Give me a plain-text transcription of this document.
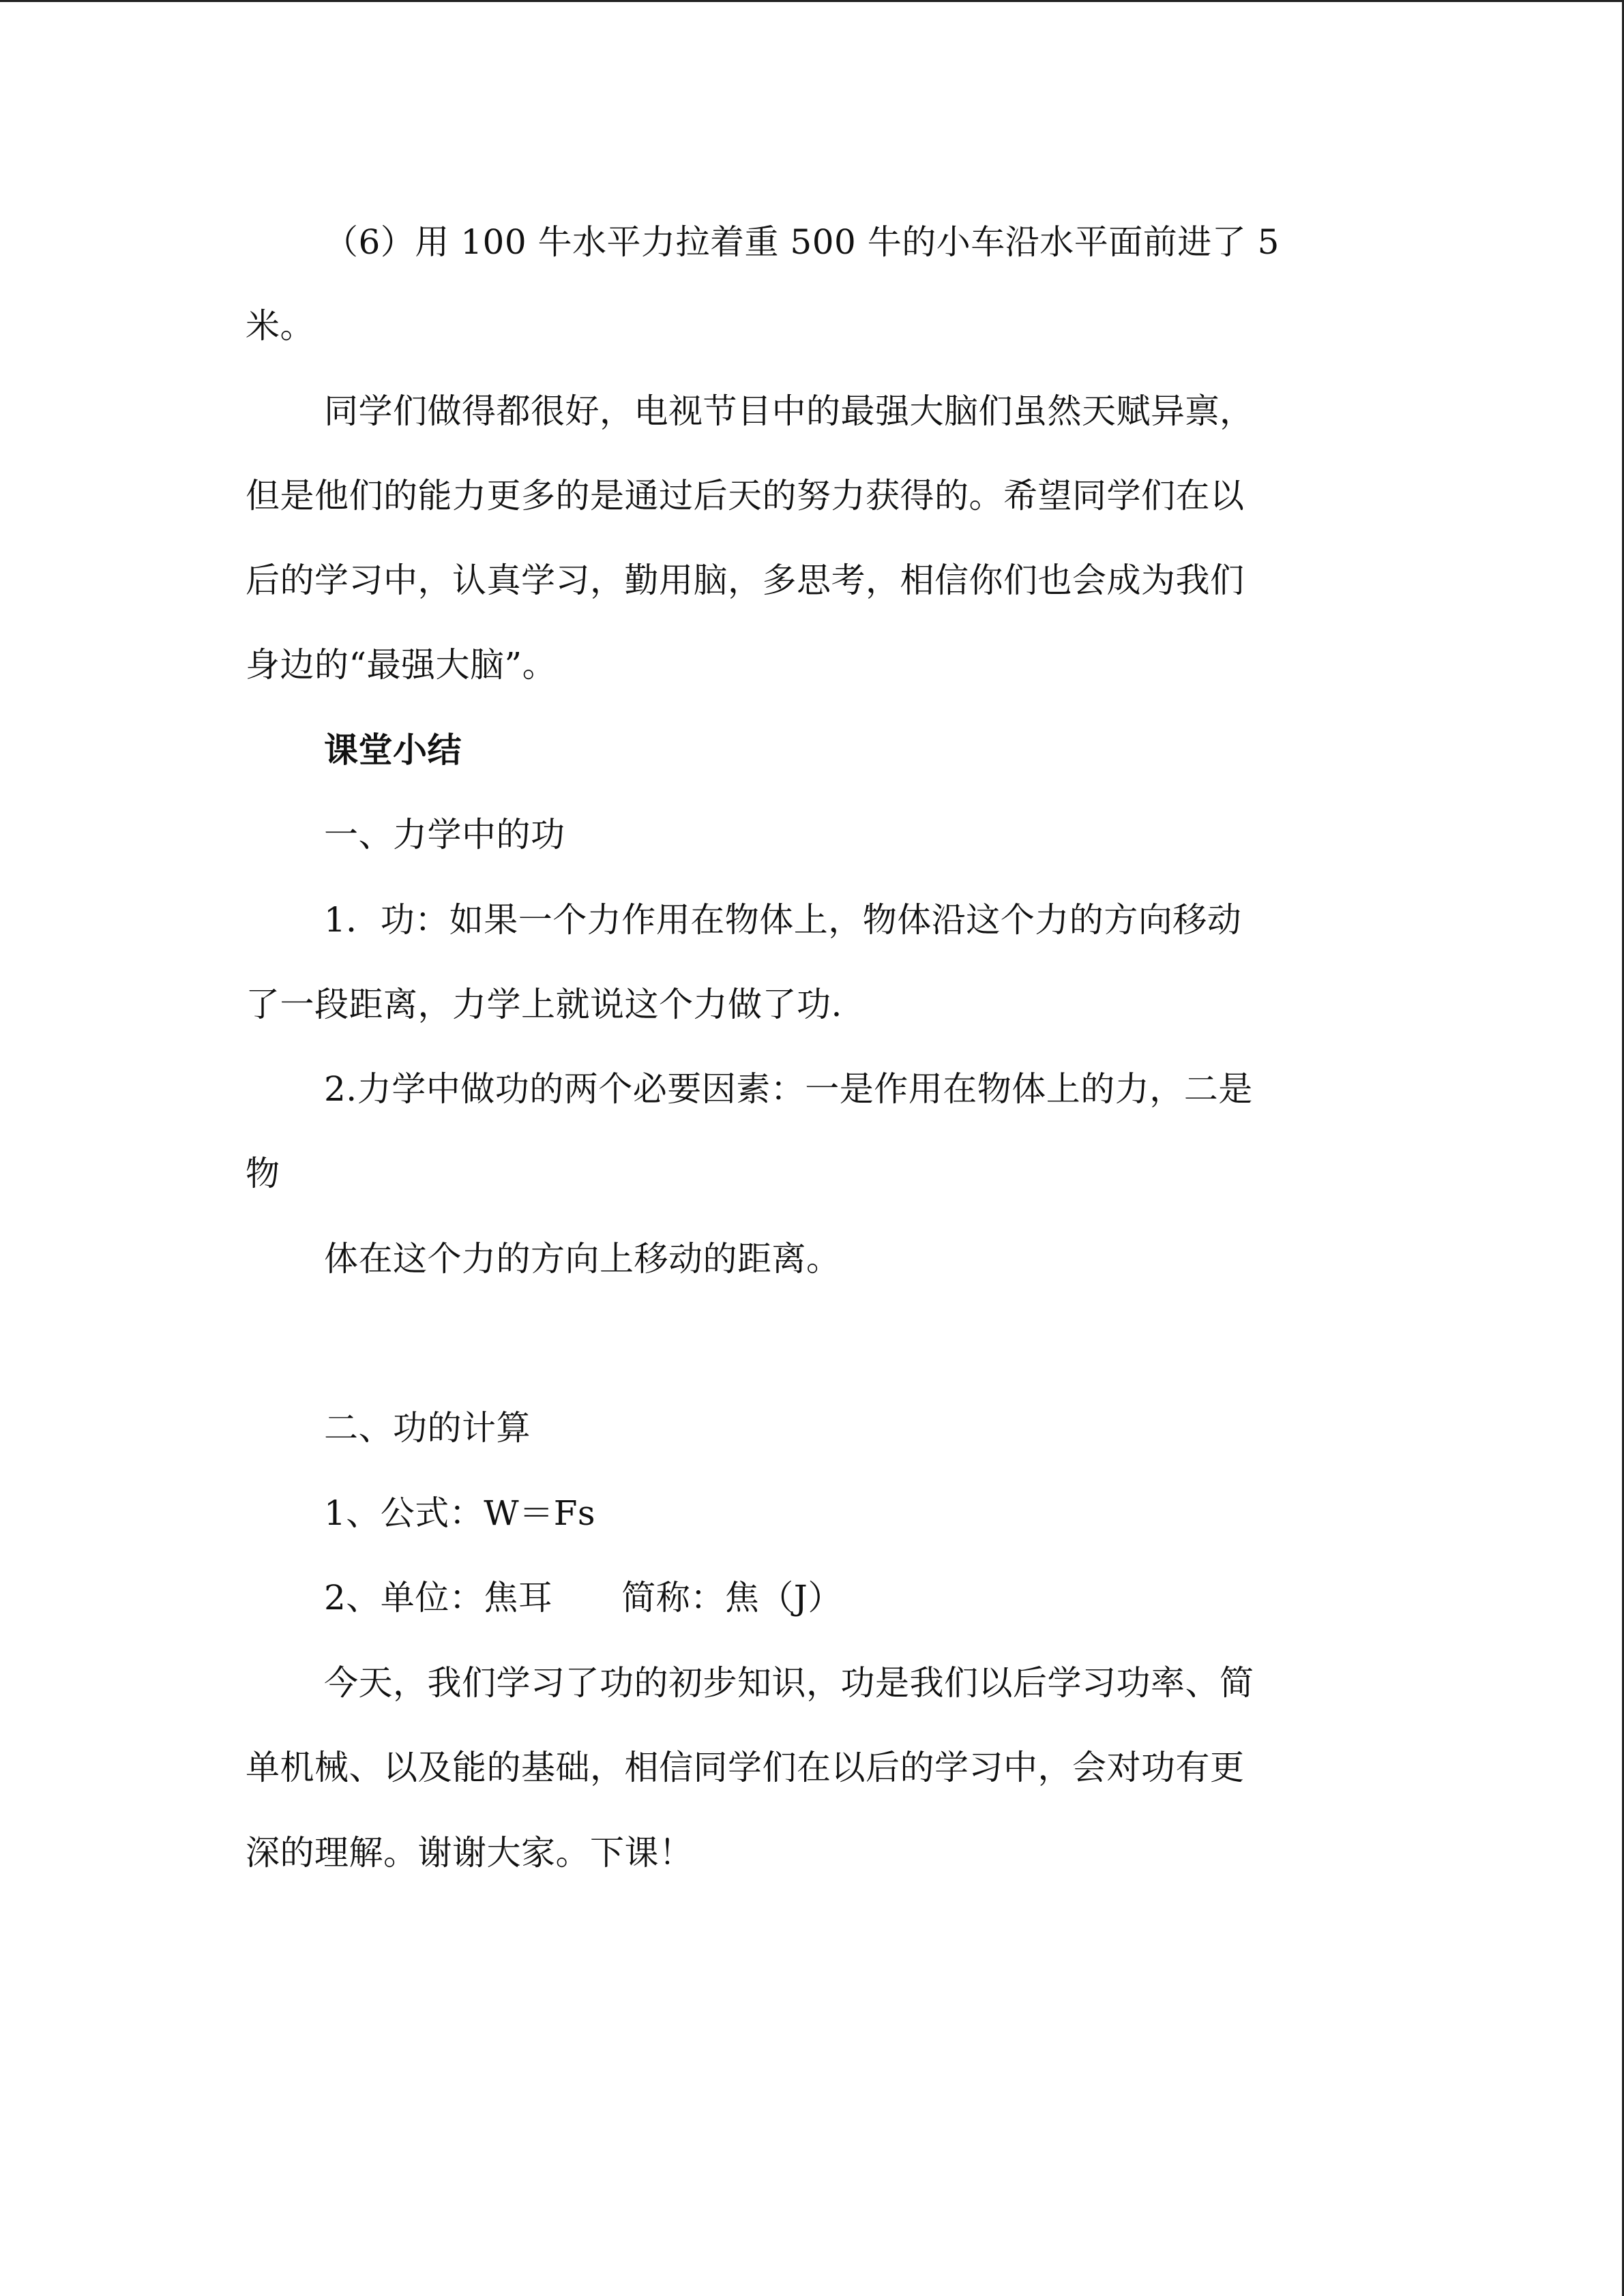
（6）用 100 牛水平力拉着重 500 牛的小车沿水平面前进了 5

米。

同学们做得都很好，电视节目中的最强大脑们虽然天赋异禀，

但是他们的能力更多的是通过后天的努力获得的。希望同学们在以

后的学习中，认真学习，勤用脑，多思考，相信你们也会成为我们

身边的“最强大脑”。

课堂小结

一、力学中的功

1．功：如果一个力作用在物体上，物体沿这个力的方向移动

了一段距离，力学上就说这个力做了功.

2.力学中做功的两个必要因素：一是作用在物体上的力，二是

物

体在这个力的方向上移动的距离。

二、功的计算

1、公式：W＝Fs

2、单位：焦耳　　简称：焦（J）

今天，我们学习了功的初步知识，功是我们以后学习功率、简

单机械、以及能的基础，相信同学们在以后的学习中，会对功有更

深的理解。谢谢大家。下课！
